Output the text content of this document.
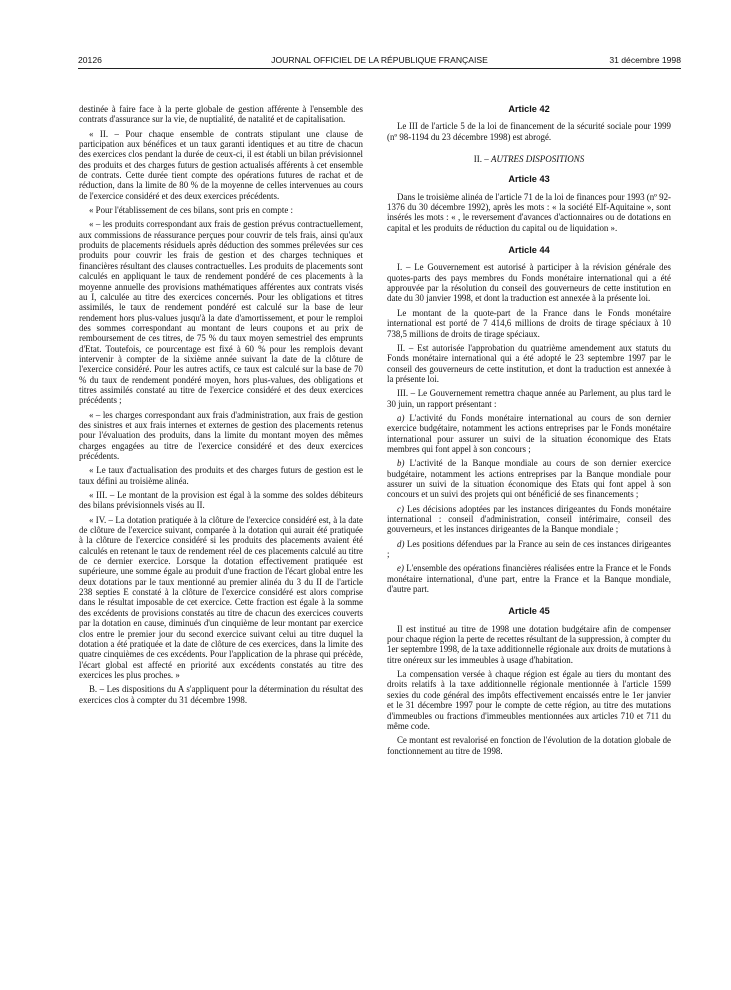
20126	JOURNAL OFFICIEL DE LA RÉPUBLIQUE FRANÇAISE	31 décembre 1998

destinée à faire face à la perte globale de gestion afférente à l'ensemble des contrats d'assurance sur la vie, de nuptialité, de natalité et de capitalisation.

« II. – Pour chaque ensemble de contrats stipulant une clause de participation aux bénéfices et un taux garanti identiques et au titre de chacun des exercices clos pendant la durée de ceux-ci, il est établi un bilan prévisionnel des produits et des charges futurs de gestion actualisés afférents à cet ensemble de contrats. Cette durée tient compte des opérations futures de rachat et de réduction, dans la limite de 80 % de la moyenne de celles intervenues au cours de l'exercice considéré et des deux exercices précédents.

« Pour l'établissement de ces bilans, sont pris en compte :

« – les produits correspondant aux frais de gestion prévus contractuellement, aux commissions de réassurance perçues pour couvrir de tels frais, ainsi qu'aux produits de placements résiduels après déduction des sommes prélevées sur ces produits pour couvrir les frais de gestion et des charges techniques et financières résultant des clauses contractuelles. Les produits de placements sont calculés en appliquant le taux de rendement pondéré de ces placements à la moyenne annuelle des provisions mathématiques afférentes aux contrats visés au I, calculée au titre des exercices concernés. Pour les obligations et titres assimilés, le taux de rendement pondéré est calculé sur la base de leur rendement hors plus-values jusqu'à la date d'amortissement, et pour le remploi des sommes correspondant au montant de leurs coupons et au prix de remboursement de ces titres, de 75 % du taux moyen semestriel des emprunts d'Etat. Toutefois, ce pourcentage est fixé à 60 % pour les remplois devant intervenir à compter de la sixième année suivant la date de la clôture de l'exercice considéré. Pour les autres actifs, ce taux est calculé sur la base de 70 % du taux de rendement pondéré moyen, hors plus-values, des obligations et titres assimilés constaté au titre de l'exercice considéré et des deux exercices précédents ;

« – les charges correspondant aux frais d'administration, aux frais de gestion des sinistres et aux frais internes et externes de gestion des placements retenus pour l'évaluation des produits, dans la limite du montant moyen des mêmes charges engagées au titre de l'exercice considéré et des deux exercices précédents.

« Le taux d'actualisation des produits et des charges futurs de gestion est le taux défini au troisième alinéa.

« III. – Le montant de la provision est égal à la somme des soldes débiteurs des bilans prévisionnels visés au II.

« IV. – La dotation pratiquée à la clôture de l'exercice considéré est, à la date de clôture de l'exercice suivant, comparée à la dotation qui aurait été pratiquée à la clôture de l'exercice considéré si les produits des placements avaient été calculés en retenant le taux de rendement réel de ces placements calculé au titre de ce dernier exercice. Lorsque la dotation effectivement pratiquée est supérieure, une somme égale au produit d'une fraction de l'écart global entre les deux dotations par le taux mentionné au premier alinéa du 3 du II de l'article 238 septies E constaté à la clôture de l'exercice considéré est alors comprise dans le résultat imposable de cet exercice. Cette fraction est égale à la somme des excédents de provisions constatés au titre de chacun des exercices couverts par la dotation en cause, diminués d'un cinquième de leur montant par exercice clos entre le premier jour du second exercice suivant celui au titre duquel la dotation a été pratiquée et la date de clôture de ces exercices, dans la limite des quatre cinquièmes de ces excédents. Pour l'application de la phrase qui précède, l'écart global est affecté en priorité aux excédents constatés au titre des exercices les plus proches. »

B. – Les dispositions du A s'appliquent pour la détermination du résultat des exercices clos à compter du 31 décembre 1998.

Article 42

Le III de l'article 5 de la loi de financement de la sécurité sociale pour 1999 (nº 98-1194 du 23 décembre 1998) est abrogé.

II. – AUTRES DISPOSITIONS
Article 43

Dans le troisième alinéa de l'article 71 de la loi de finances pour 1993 (nº 92-1376 du 30 décembre 1992), après les mots : « la société Elf-Aquitaine », sont insérés les mots : « , le reversement d'avances d'actionnaires ou de dotations en capital et les produits de réduction du capital ou de liquidation ».

Article 44

I. – Le Gouvernement est autorisé à participer à la révision générale des quotes-parts des pays membres du Fonds monétaire international qui a été approuvée par la résolution du conseil des gouverneurs de cette institution en date du 30 janvier 1998, et dont la traduction est annexée à la présente loi.

Le montant de la quote-part de la France dans le Fonds monétaire international est porté de 7 414,6 millions de droits de tirage spéciaux à 10 738,5 millions de droits de tirage spéciaux.

II. – Est autorisée l'approbation du quatrième amendement aux statuts du Fonds monétaire international qui a été adopté le 23 septembre 1997 par le conseil des gouverneurs de cette institution, et dont la traduction est annexée à la présente loi.

III. – Le Gouvernement remettra chaque année au Parlement, au plus tard le 30 juin, un rapport présentant :

a) L'activité du Fonds monétaire international au cours de son dernier exercice budgétaire, notamment les actions entreprises par le Fonds monétaire international pour assurer un suivi de la situation économique des Etats membres qui font appel à son concours ;

b) L'activité de la Banque mondiale au cours de son dernier exercice budgétaire, notamment les actions entreprises par la Banque mondiale pour assurer un suivi de la situation économique des Etats qui font appel à son concours et un suivi des projets qui ont bénéficié de ses financements ;

c) Les décisions adoptées par les instances dirigeantes du Fonds monétaire international : conseil d'administration, conseil intérimaire, conseil des gouverneurs, et les instances dirigeantes de la Banque mondiale ;

d) Les positions défendues par la France au sein de ces instances dirigeantes ;

e) L'ensemble des opérations financières réalisées entre la France et le Fonds monétaire international, d'une part, entre la France et la Banque mondiale, d'autre part.

Article 45

Il est institué au titre de 1998 une dotation budgétaire afin de compenser pour chaque région la perte de recettes résultant de la suppression, à compter du 1er septembre 1998, de la taxe additionnelle régionale aux droits de mutations à titre onéreux sur les immeubles à usage d'habitation.

La compensation versée à chaque région est égale au tiers du montant des droits relatifs à la taxe additionnelle régionale mentionnée à l'article 1599 sexies du code général des impôts effectivement encaissés entre le 1er janvier et le 31 décembre 1997 pour le compte de cette région, au titre des mutations d'immeubles ou fractions d'immeubles mentionnées aux articles 710 et 711 du même code.

Ce montant est revalorisé en fonction de l'évolution de la dotation globale de fonctionnement au titre de 1998.
